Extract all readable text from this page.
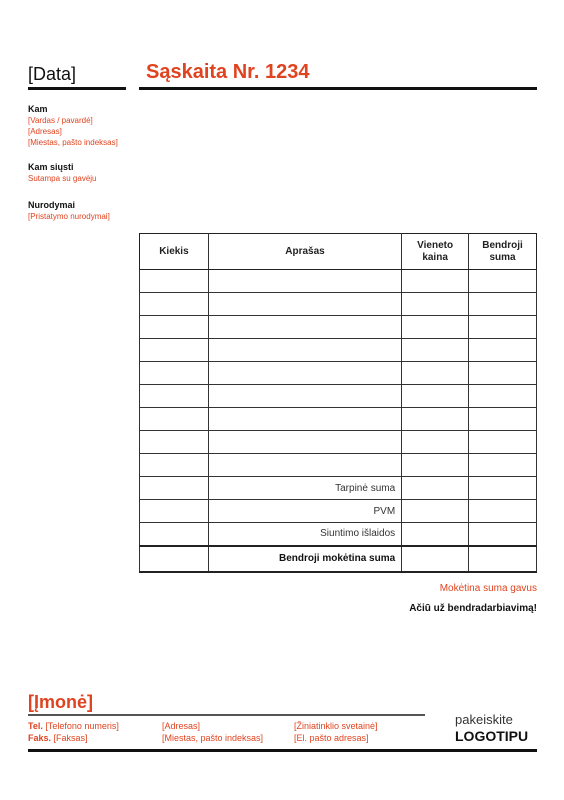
[Data]	Sąskaita Nr. 1234
Kam
[Vardas / pavardė]
[Adresas]
[Miestas, pašto indeksas]
Kam siųsti
Sutampa su gavėju
Nurodymai
[Pristatymo nurodymai]
Kiekis	Aprašas	Vieneto kaina	Bendroji suma

	Tarpinė suma		
	PVM		
	Siuntimo išlaidos		
	Bendroji mokėtina suma		
Mokėtina suma gavus
Ačiū už bendradarbiavimą!
[Įmonė]
Tel. [Telefono numeris]
Faks. [Faksas]
[Adresas]
[Miestas, pašto indeksas]
[Žiniatinklio svetainė]
[El. pašto adresas]
pakeiskite
LOGOTIPU
